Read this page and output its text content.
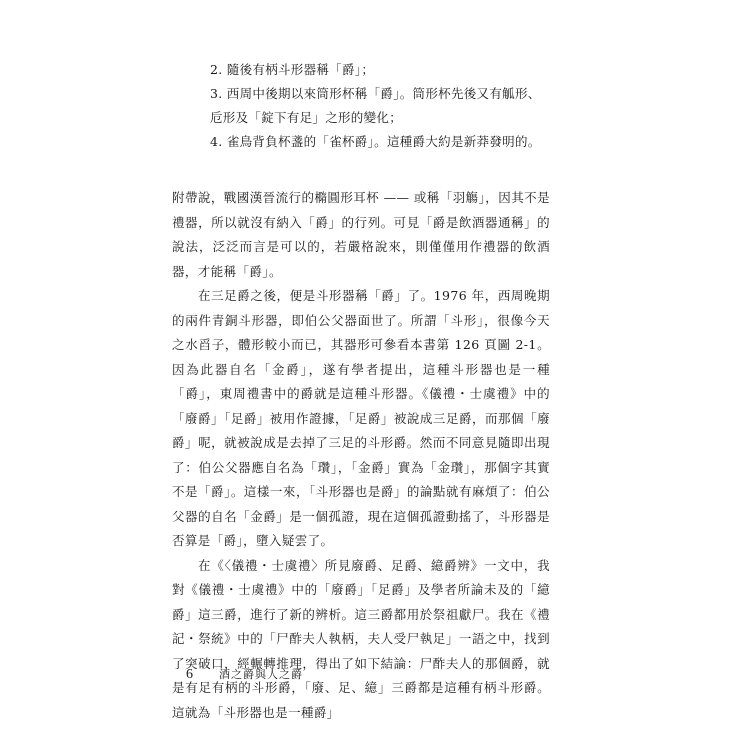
2. 隨後有柄斗形器稱「爵」；

3. 西周中後期以來筒形杯稱「爵」。筒形杯先後又有觚形、
卮形及「錠下有足」之形的變化；

4. 雀鳥背負杯盞的「雀杯爵」。這種爵大約是新莽發明的。

附帶說，戰國漢晉流行的橢圓形耳杯 —— 或稱「羽觴」，因其不是禮器，所以就沒有納入「爵」的行列。可見「爵是飲酒器通稱」的說法，泛泛而言是可以的，若嚴格說來，則僅僅用作禮器的飲酒器，才能稱「爵」。

在三足爵之後，便是斗形器稱「爵」了。1976 年，西周晚期的兩件青銅斗形器，即伯公父器面世了。所謂「斗形」，很像今天之水舀子，體形較小而已，其器形可參看本書第 126 頁圖 2-1。因為此器自名「金爵」，遂有學者提出，這種斗形器也是一種「爵」，東周禮書中的爵就是這種斗形器。《儀禮・士虞禮》中的「廢爵」「足爵」被用作證據，「足爵」被說成三足爵，而那個「廢爵」呢，就被說成是去掉了三足的斗形爵。然而不同意見隨即出現了：伯公父器應自名為「瓚」，「金爵」實為「金瓚」，那個字其實不是「爵」。這樣一來，「斗形器也是爵」的論點就有麻煩了：伯公父器的自名「金爵」是一個孤證，現在這個孤證動搖了，斗形器是否算是「爵」，墮入疑雲了。

在《〈儀禮・士虞禮〉所見廢爵、足爵、繶爵辨》一文中，我對《儀禮・士虞禮》中的「廢爵」「足爵」及學者所論未及的「繶爵」這三爵，進行了新的辨析。這三爵都用於祭祖獻尸。我在《禮記・祭統》中的「尸酢夫人執柄，夫人受尸執足」一語之中，找到了突破口，經輾轉推理，得出了如下結論：尸酢夫人的那個爵，就是有足有柄的斗形爵，「廢、足、繶」三爵都是這種有柄斗形爵。這就為「斗形器也是一種爵」

6 酒之爵與人之爵
